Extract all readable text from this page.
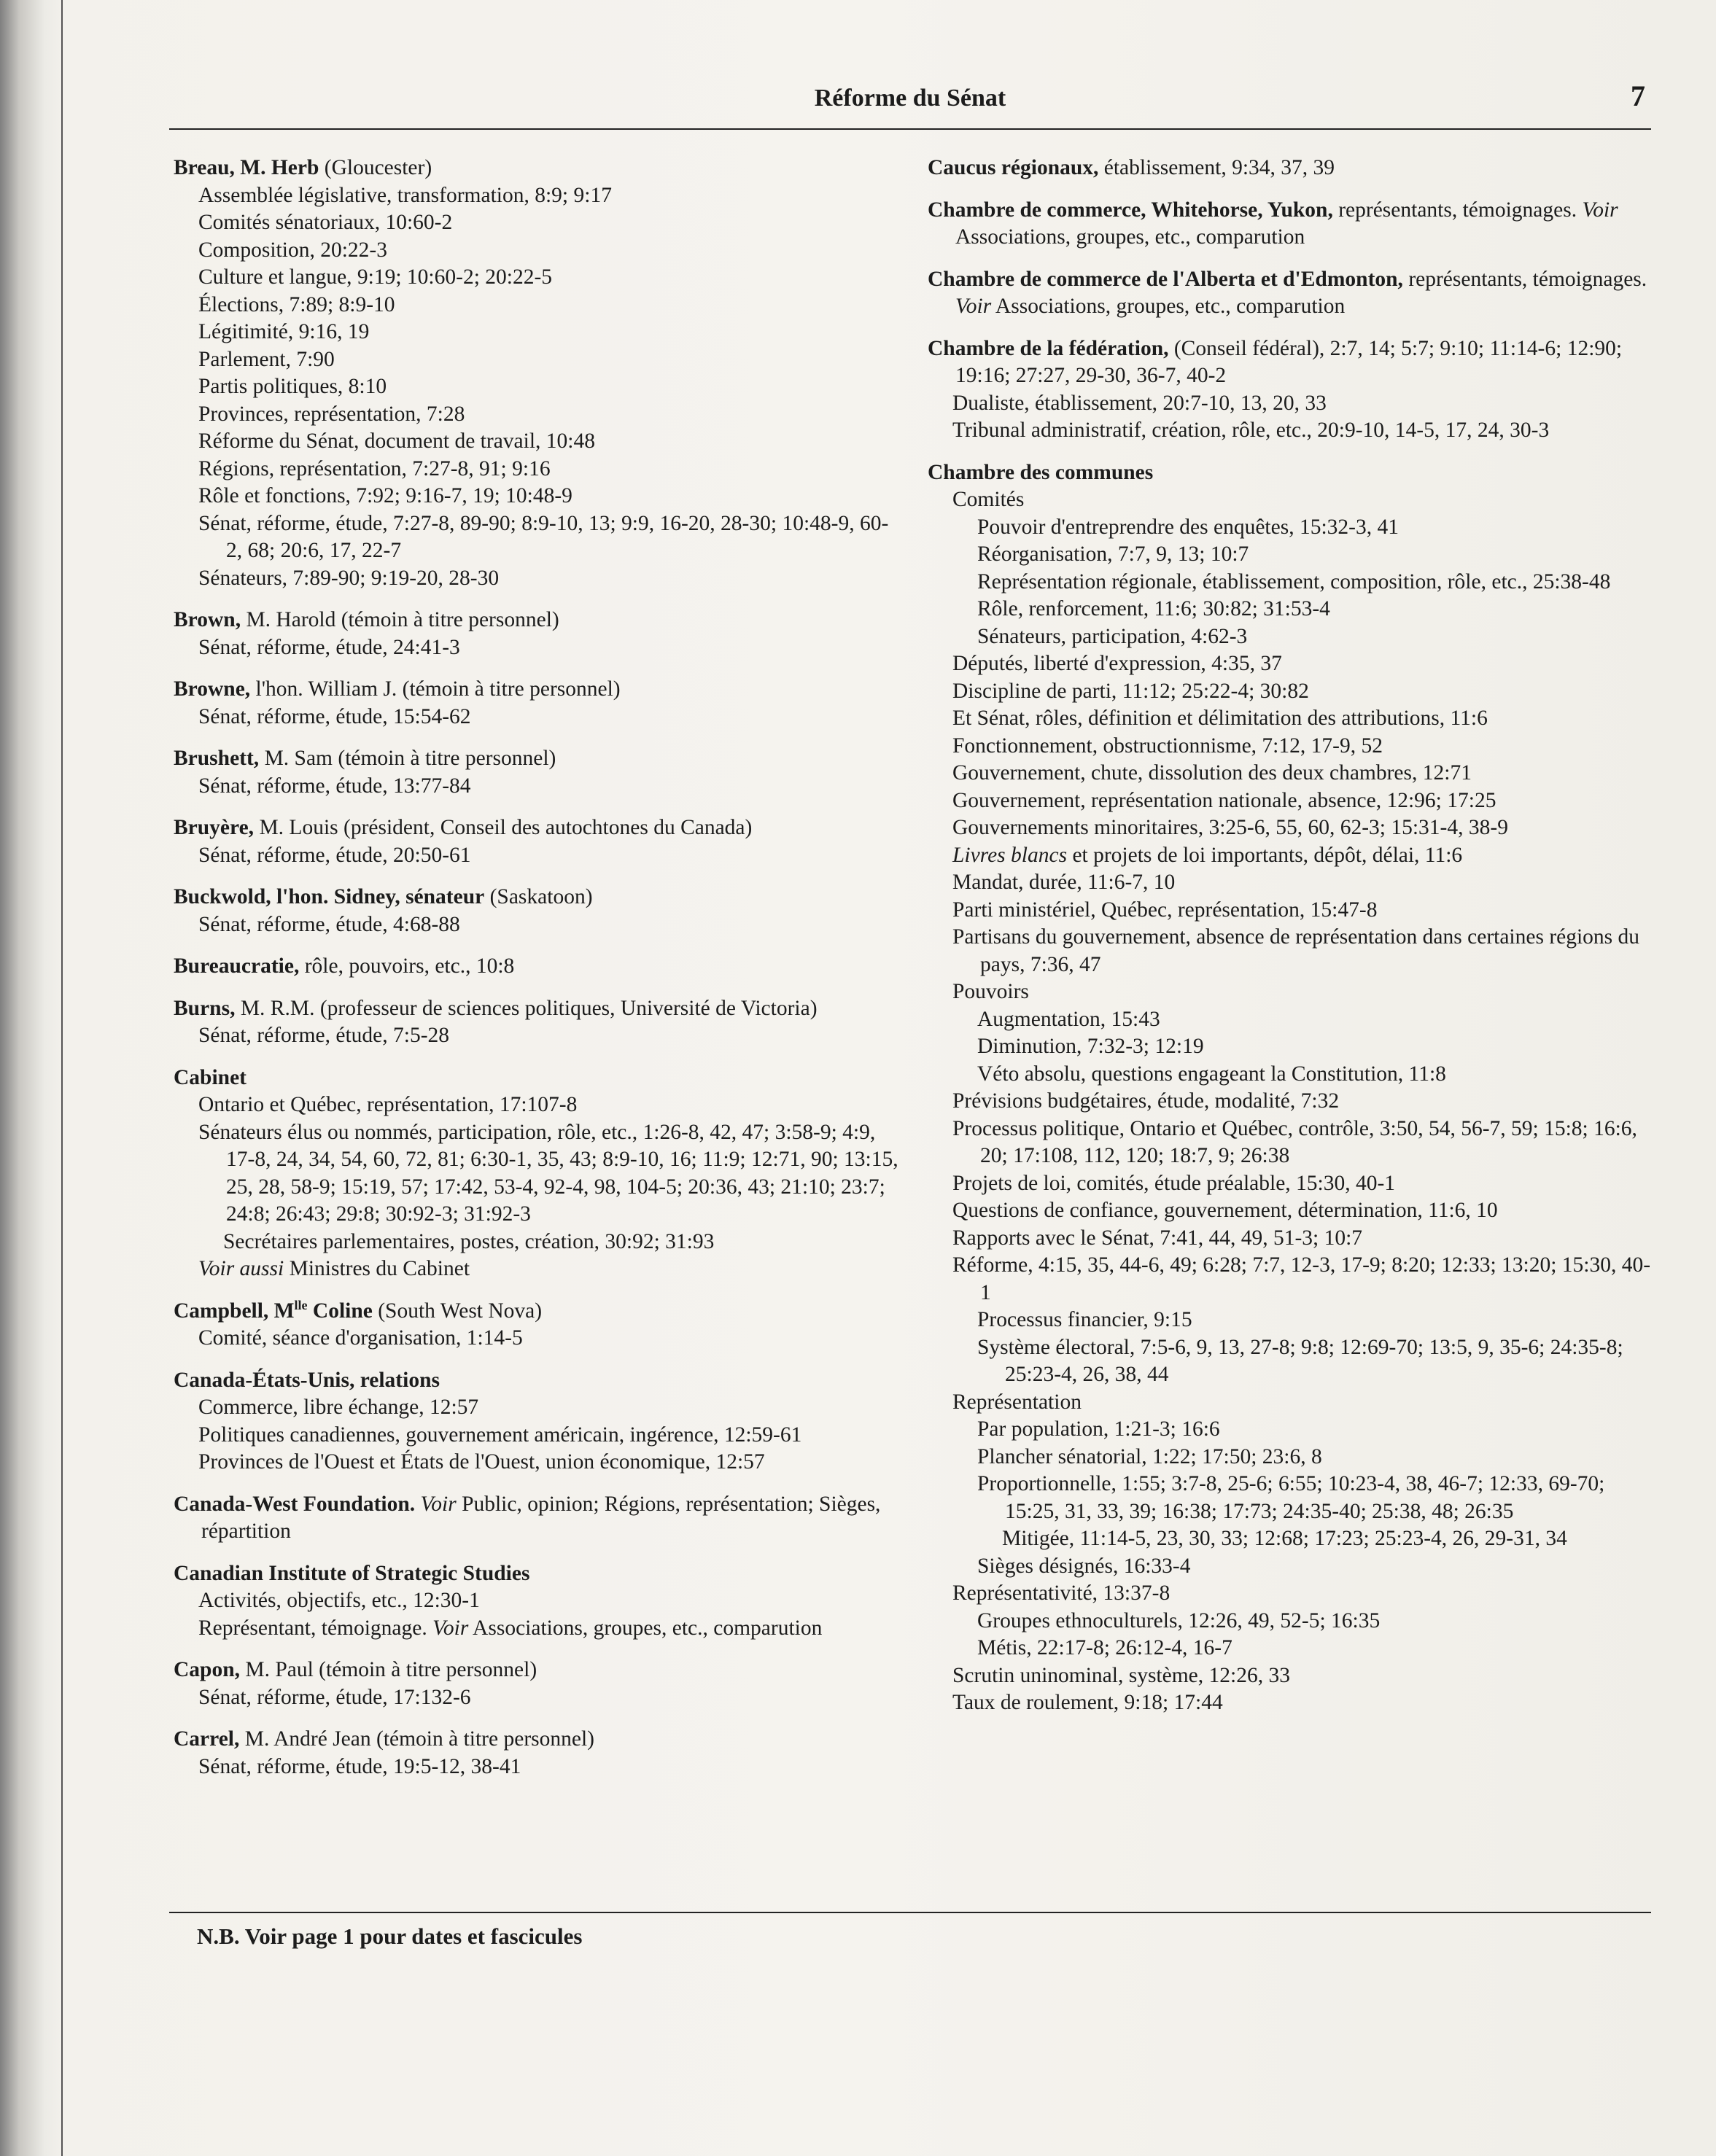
Réforme du Sénat	7
Breau, M. Herb (Gloucester)
Assemblée législative, transformation, 8:9; 9:17
Comités sénatoriaux, 10:60-2
Composition, 20:22-3
Culture et langue, 9:19; 10:60-2; 20:22-5
Élections, 7:89; 8:9-10
Légitimité, 9:16, 19
Parlement, 7:90
Partis politiques, 8:10
Provinces, représentation, 7:28
Réforme du Sénat, document de travail, 10:48
Régions, représentation, 7:27-8, 91; 9:16
Rôle et fonctions, 7:92; 9:16-7, 19; 10:48-9
Sénat, réforme, étude, 7:27-8, 89-90; 8:9-10, 13; 9:9, 16-20, 28-30; 10:48-9, 60-2, 68; 20:6, 17, 22-7
Sénateurs, 7:89-90; 9:19-20, 28-30
Brown, M. Harold (témoin à titre personnel)
Sénat, réforme, étude, 24:41-3
Browne, l'hon. William J. (témoin à titre personnel)
Sénat, réforme, étude, 15:54-62
Brushett, M. Sam (témoin à titre personnel)
Sénat, réforme, étude, 13:77-84
Bruyère, M. Louis (président, Conseil des autochtones du Canada)
Sénat, réforme, étude, 20:50-61
Buckwold, l'hon. Sidney, sénateur (Saskatoon)
Sénat, réforme, étude, 4:68-88
Bureaucratie, rôle, pouvoirs, etc., 10:8
Burns, M. R.M. (professeur de sciences politiques, Université de Victoria)
Sénat, réforme, étude, 7:5-28
Cabinet
Ontario et Québec, représentation, 17:107-8
Sénateurs élus ou nommés, participation, rôle, etc., 1:26-8, 42, 47; 3:58-9; 4:9, 17-8, 24, 34, 54, 60, 72, 81; 6:30-1, 35, 43; 8:9-10, 16; 11:9; 12:71, 90; 13:15, 25, 28, 58-9; 15:19, 57; 17:42, 53-4, 92-4, 98, 104-5; 20:36, 43; 21:10; 23:7; 24:8; 26:43; 29:8; 30:92-3; 31:92-3
Secrétaires parlementaires, postes, création, 30:92; 31:93
Voir aussi Ministres du Cabinet
Campbell, $M^{lle}$ Coline (South West Nova)
Comité, séance d'organisation, 1:14-5
Canada-États-Unis, relations
Commerce, libre échange, 12:57
Politiques canadiennes, gouvernement américain, ingérence, 12:59-61
Provinces de l'Ouest et États de l'Ouest, union économique, 12:57
Canada-West Foundation. Voir Public, opinion; Régions, représentation; Sièges, répartition
Canadian Institute of Strategic Studies
Activités, objectifs, etc., 12:30-1
Représentant, témoignage. Voir Associations, groupes, etc., comparution
Capon, M. Paul (témoin à titre personnel)
Sénat, réforme, étude, 17:132-6
Carrel, M. André Jean (témoin à titre personnel)
Sénat, réforme, étude, 19:5-12, 38-41
Caucus régionaux, établissement, 9:34, 37, 39
Chambre de commerce, Whitehorse, Yukon, représentants, témoignages. Voir Associations, groupes, etc., comparution
Chambre de commerce de l'Alberta et d'Edmonton, représentants, témoignages. Voir Associations, groupes, etc., comparution
Chambre de la fédération, (Conseil fédéral), 2:7, 14; 5:7; 9:10; 11:14-6; 12:90; 19:16; 27:27, 29-30, 36-7, 40-2
Dualiste, établissement, 20:7-10, 13, 20, 33
Tribunal administratif, création, rôle, etc., 20:9-10, 14-5, 17, 24, 30-3
Chambre des communes
Comités
Pouvoir d'entreprendre des enquêtes, 15:32-3, 41
Réorganisation, 7:7, 9, 13; 10:7
Représentation régionale, établissement, composition, rôle, etc., 25:38-48
Rôle, renforcement, 11:6; 30:82; 31:53-4
Sénateurs, participation, 4:62-3
Députés, liberté d'expression, 4:35, 37
Discipline de parti, 11:12; 25:22-4; 30:82
Et Sénat, rôles, définition et délimitation des attributions, 11:6
Fonctionnement, obstructionnisme, 7:12, 17-9, 52
Gouvernement, chute, dissolution des deux chambres, 12:71
Gouvernement, représentation nationale, absence, 12:96; 17:25
Gouvernements minoritaires, 3:25-6, 55, 60, 62-3; 15:31-4, 38-9
Livres blancs et projets de loi importants, dépôt, délai, 11:6
Mandat, durée, 11:6-7, 10
Parti ministériel, Québec, représentation, 15:47-8
Partisans du gouvernement, absence de représentation dans certaines régions du pays, 7:36, 47
Pouvoirs
Augmentation, 15:43
Diminution, 7:32-3; 12:19
Véto absolu, questions engageant la Constitution, 11:8
Prévisions budgétaires, étude, modalité, 7:32
Processus politique, Ontario et Québec, contrôle, 3:50, 54, 56-7, 59; 15:8; 16:6, 20; 17:108, 112, 120; 18:7, 9; 26:38
Projets de loi, comités, étude préalable, 15:30, 40-1
Questions de confiance, gouvernement, détermination, 11:6, 10
Rapports avec le Sénat, 7:41, 44, 49, 51-3; 10:7
Réforme, 4:15, 35, 44-6, 49; 6:28; 7:7, 12-3, 17-9; 8:20; 12:33; 13:20; 15:30, 40-1
Processus financier, 9:15
Système électoral, 7:5-6, 9, 13, 27-8; 9:8; 12:69-70; 13:5, 9, 35-6; 24:35-8; 25:23-4, 26, 38, 44
Représentation
Par population, 1:21-3; 16:6
Plancher sénatorial, 1:22; 17:50; 23:6, 8
Proportionnelle, 1:55; 3:7-8, 25-6; 6:55; 10:23-4, 38, 46-7; 12:33, 69-70; 15:25, 31, 33, 39; 16:38; 17:73; 24:35-40; 25:38, 48; 26:35
Mitigée, 11:14-5, 23, 30, 33; 12:68; 17:23; 25:23-4, 26, 29-31, 34
Sièges désignés, 16:33-4
Représentativité, 13:37-8
Groupes ethnoculturels, 12:26, 49, 52-5; 16:35
Métis, 22:17-8; 26:12-4, 16-7
Scrutin uninominal, système, 12:26, 33
Taux de roulement, 9:18; 17:44
N.B. Voir page 1 pour dates et fascicules
